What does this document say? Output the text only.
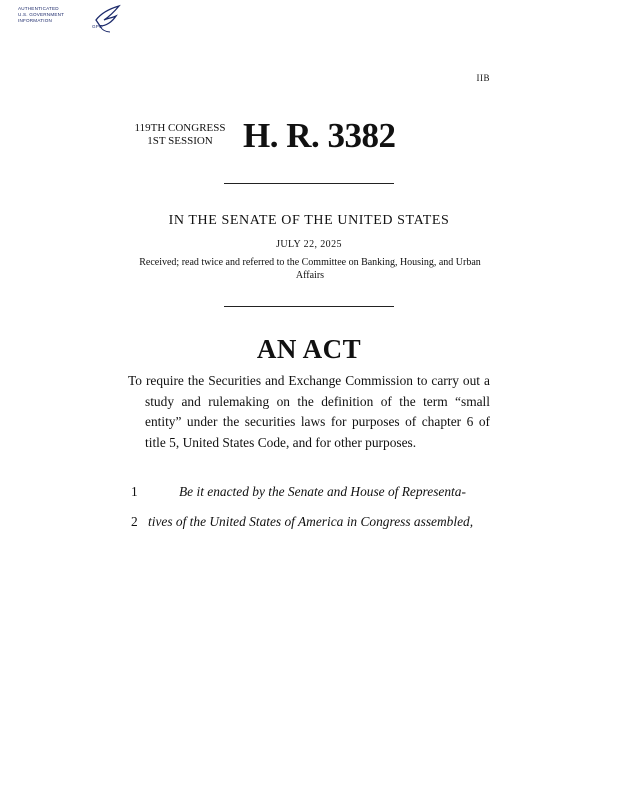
AUTHENTICATED
U.S. GOVERNMENT
INFORMATION
GPO
IIB
119TH CONGRESS
1ST SESSION H. R. 3382
IN THE SENATE OF THE UNITED STATES
JULY 22, 2025
Received; read twice and referred to the Committee on Banking, Housing, and Urban Affairs
AN ACT

To require the Securities and Exchange Commission to carry out a study and rulemaking on the definition of the term “small entity” under the securities laws for purposes of chapter 6 of title 5, United States Code, and for other purposes.

1	Be it enacted by the Senate and House of Representa-
2 tives of the United States of America in Congress assembled,
